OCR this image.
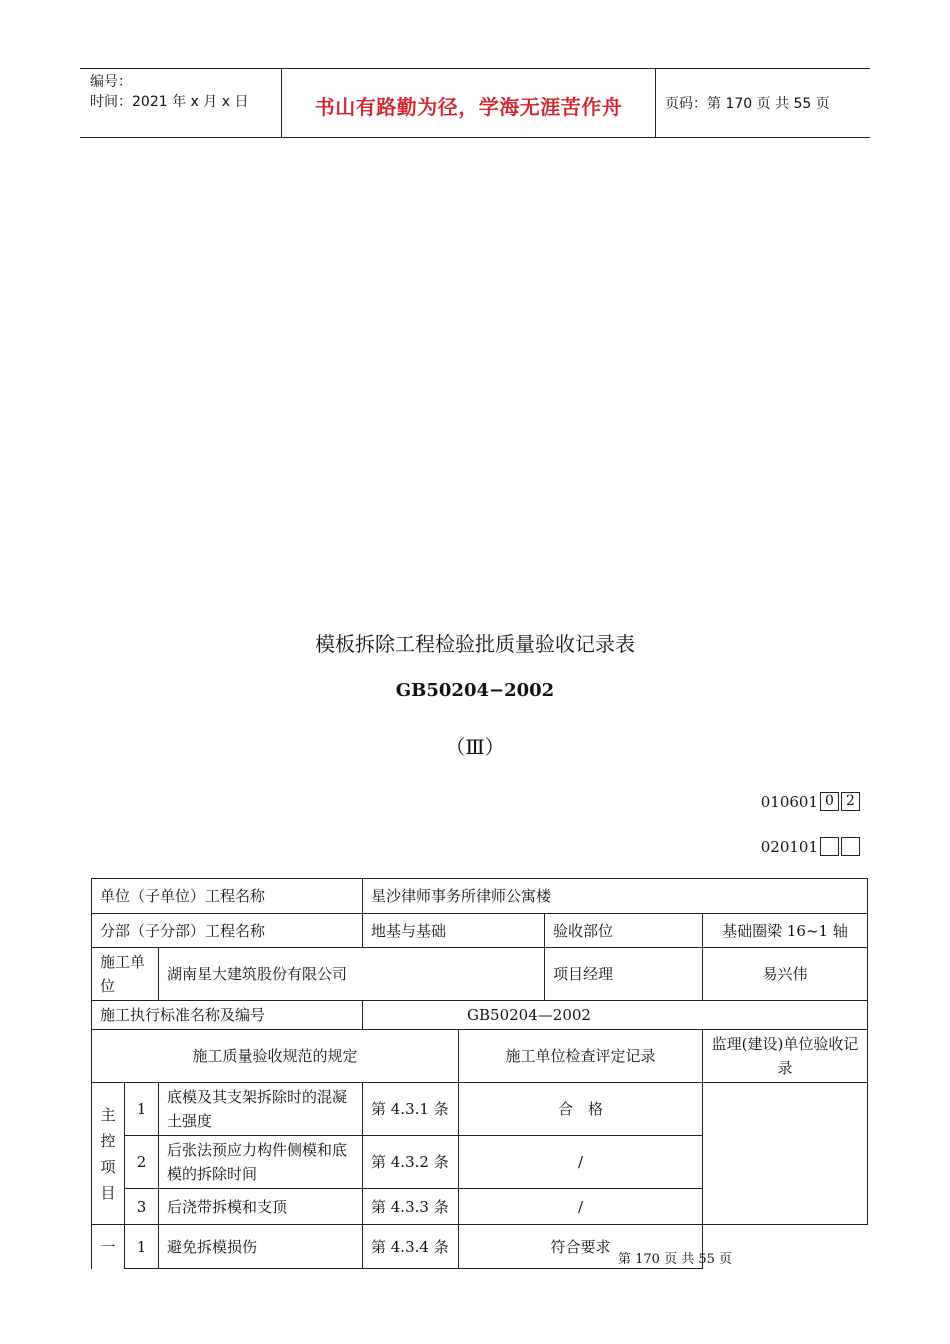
编号：
时间：2021 年 x 月 x 日	书山有路勤为径，学海无涯苦作舟	页码：第 170 页 共 55 页
模板拆除工程检验批质量验收记录表
GB50204−2002
（Ⅲ）
010601 0 2
020101
单位（子单位）工程名称			星沙律师事务所律师公寓楼			
分部（子分部）工程名称			地基与基础		验收部位	基础圈梁 16~1 轴
施工单位		湖南星大建筑股份有限公司			项目经理	易兴伟
施工执行标准名称及编号			GB50204—2002			
施工质量验收规范的规定				施工单位检查评定记录		监理(建设)单位验收记录
主
控
项
目	1	底模及其支架拆除时的混凝土强度	第 4.3.1 条	合　格		
	2	后张法预应力构件侧模和底模的拆除时间	第 4.3.2 条	/		
	3	后浇带拆模和支顶	第 4.3.3 条	/		
一	1	避免拆模损伤	第 4.3.4 条	符合要求		
第 170 页 共 55 页
